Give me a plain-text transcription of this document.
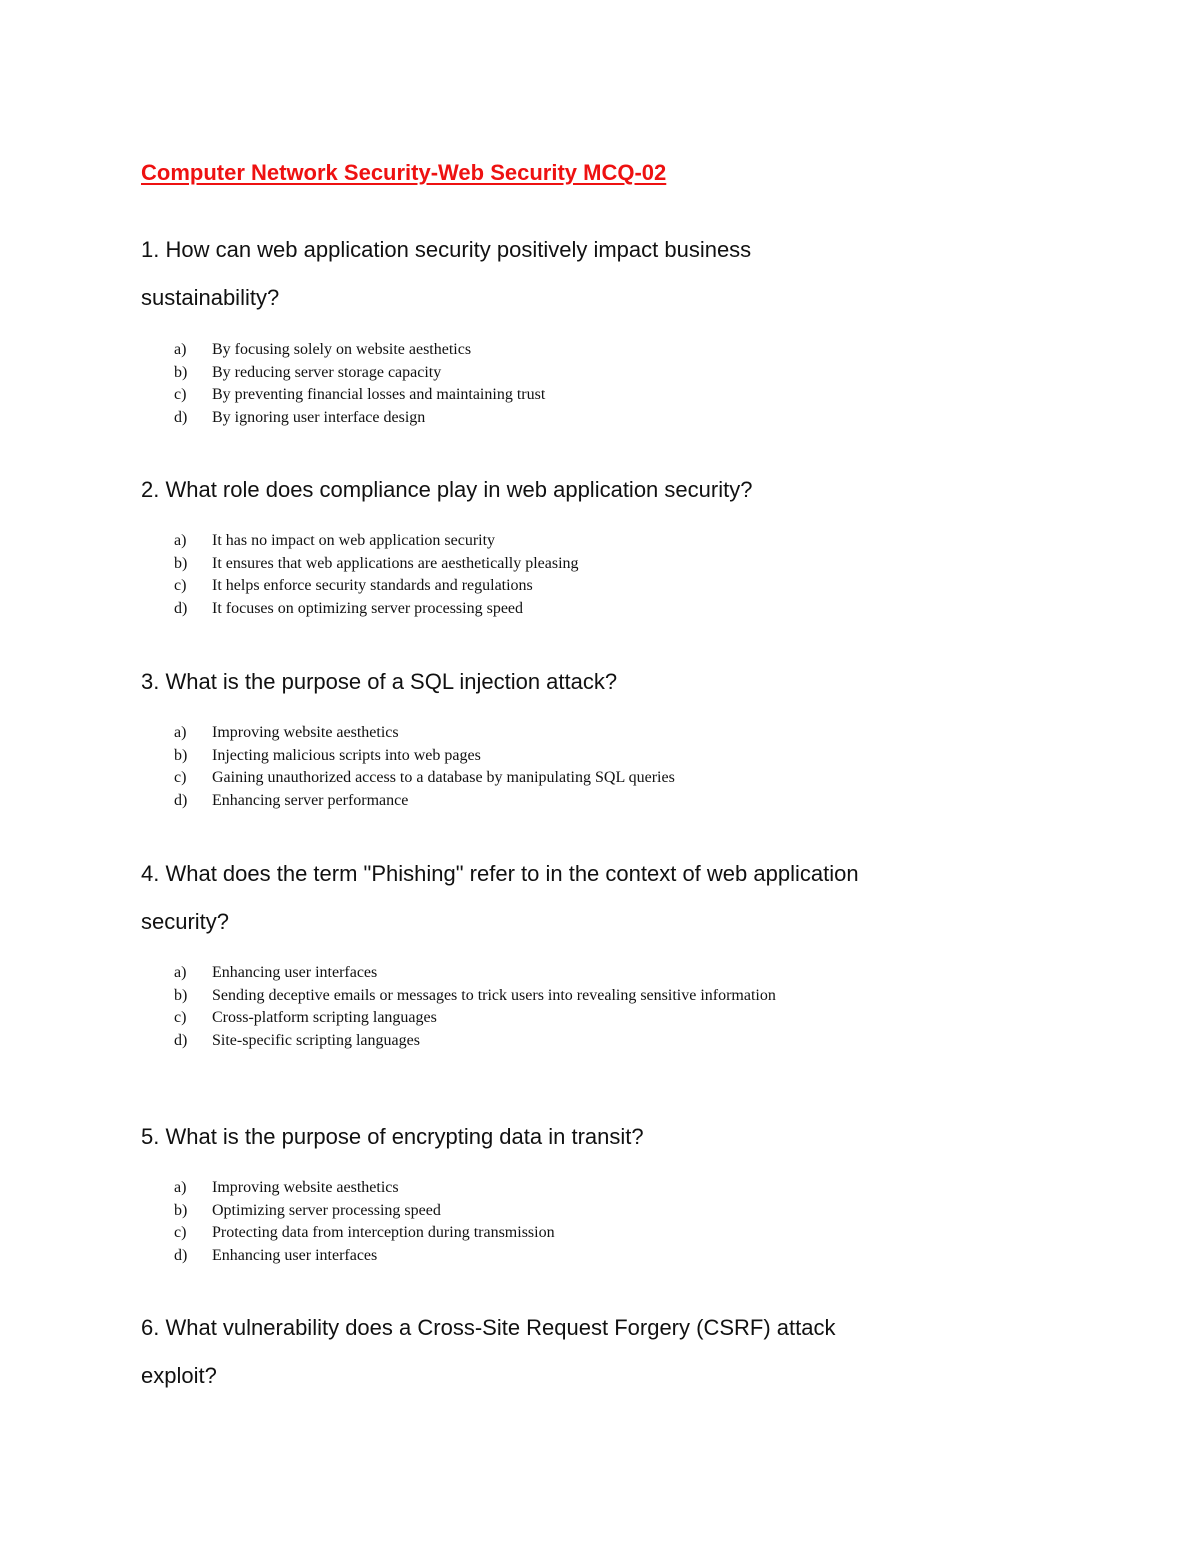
Computer Network Security-Web Security MCQ-02

1. How can web application security positively impact business sustainability?

a)	By focusing solely on website aesthetics
b)	By reducing server storage capacity
c)	By preventing financial losses and maintaining trust
d)	By ignoring user interface design

2. What role does compliance play in web application security?

a)	It has no impact on web application security
b)	It ensures that web applications are aesthetically pleasing
c)	It helps enforce security standards and regulations
d)	It focuses on optimizing server processing speed

3. What is the purpose of a SQL injection attack?

a)	Improving website aesthetics
b)	Injecting malicious scripts into web pages
c)	Gaining unauthorized access to a database by manipulating SQL queries
d)	Enhancing server performance

4. What does the term "Phishing" refer to in the context of web application security?

a)	Enhancing user interfaces
b)	Sending deceptive emails or messages to trick users into revealing sensitive information
c)	Cross-platform scripting languages
d)	Site-specific scripting languages

5. What is the purpose of encrypting data in transit?

a)	Improving website aesthetics
b)	Optimizing server processing speed
c)	Protecting data from interception during transmission
d)	Enhancing user interfaces

6. What vulnerability does a Cross-Site Request Forgery (CSRF) attack exploit?
